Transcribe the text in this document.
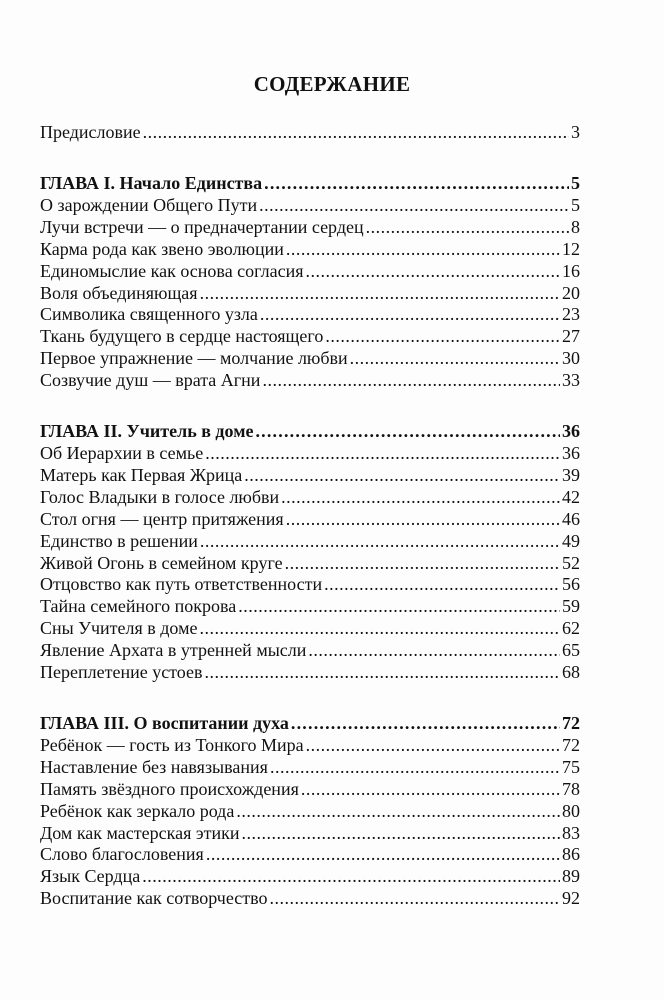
СОДЕРЖАНИЕ
Предисловие .....	3
ГЛАВА I. Начало Единства .....	5
О зарождении Общего Пути .....	5
Лучи встречи — о предначертании сердец .....	8
Карма рода как звено эволюции .....	12
Единомыслие как основа согласия .....	16
Воля объединяющая .....	20
Символика священного узла .....	23
Ткань будущего в сердце настоящего .....	27
Первое упражнение — молчание любви .....	30
Созвучие душ — врата Агни .....	33
ГЛАВА II. Учитель в доме .....	36
Об Иерархии в семье .....	36
Матерь как Первая Жрица .....	39
Голос Владыки в голосе любви .....	42
Стол огня — центр притяжения .....	46
Единство в решении .....	49
Живой Огонь в семейном круге .....	52
Отцовство как путь ответственности .....	56
Тайна семейного покрова .....	59
Сны Учителя в доме .....	62
Явление Архата в утренней мысли .....	65
Переплетение устоев .....	68
ГЛАВА III. О воспитании духа .....	72
Ребёнок — гость из Тонкого Мира .....	72
Наставление без навязывания .....	75
Память звёздного происхождения .....	78
Ребёнок как зеркало рода .....	80
Дом как мастерская этики .....	83
Слово благословения .....	86
Язык Сердца .....	89
Воспитание как сотворчество .....	92
